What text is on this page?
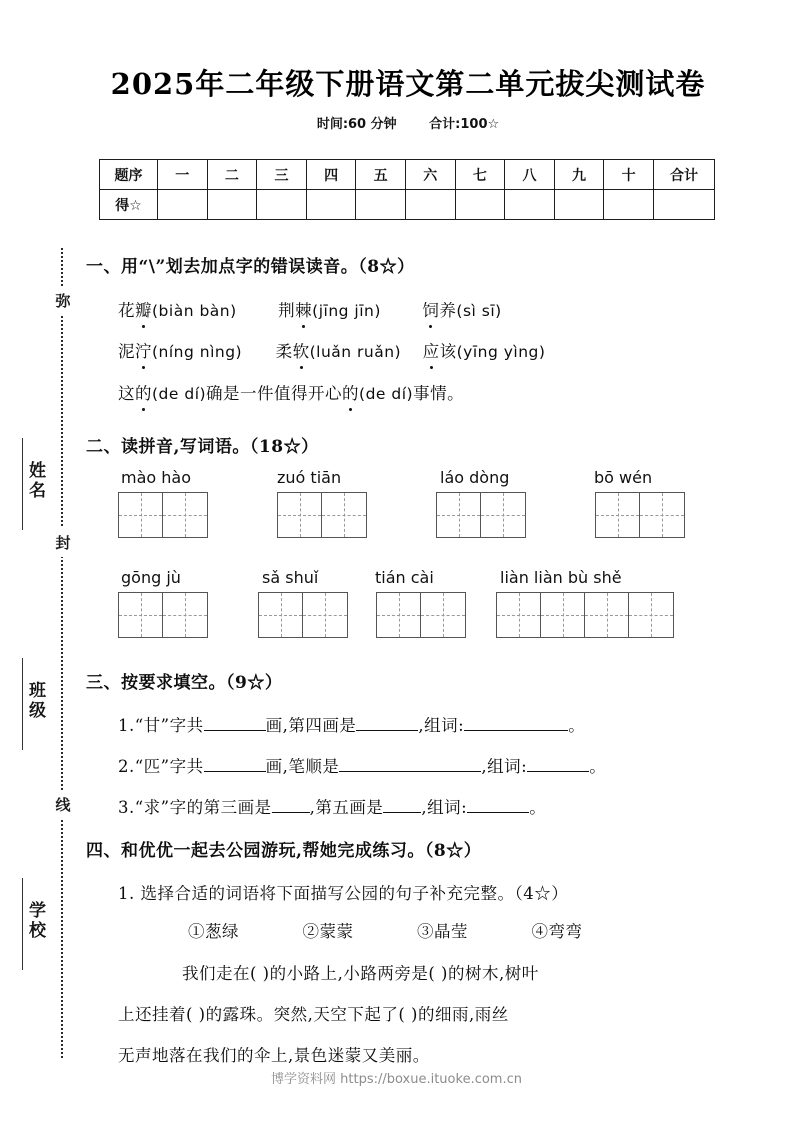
弥
封
线
姓名
班级
学校
2025年二年级下册语文第二单元拔尖测试卷
时间:60 分钟	合计:100☆
题序	一	二	三	四	五	六	七	八	九	十	合计
得☆											
一、用“\”划去加点字的错误读音。（8☆）
花瓣(biàn bàn)	荆棘(jīng jīn)	饲养(sì sī)
泥泞(níng nìng) 柔软(luǎn ruǎn) 应该(yīng yìng)
这的(de dí)确是一件值得开心的(de dí)事情。
二、读拼音,写词语。（18☆）
mào hào	zuó tiān	láo dòng	bō wén
gōng jù	sǎ shuǐ	tián cài	liàn liàn bù shě
三、按要求填空。（9☆）
1.“甘”字共	画,第四画是	,组词:	。
2.“匹”字共	画,笔顺是	,组词:	。
3.“求”字的第三画是 ,第五画是 ,组词:	。
四、和优优一起去公园游玩,帮她完成练习。（8☆）
1. 选择合适的词语将下面描写公园的句子补充完整。（4☆）
①葱绿	②蒙蒙	③晶莹	④弯弯
我们走在( )的小路上,小路两旁是( )的树木,树叶
上还挂着( )的露珠。突然,天空下起了( )的细雨,雨丝
无声地落在我们的伞上,景色迷蒙又美丽。
博学资料网 https://boxue.ituoke.com.cn
